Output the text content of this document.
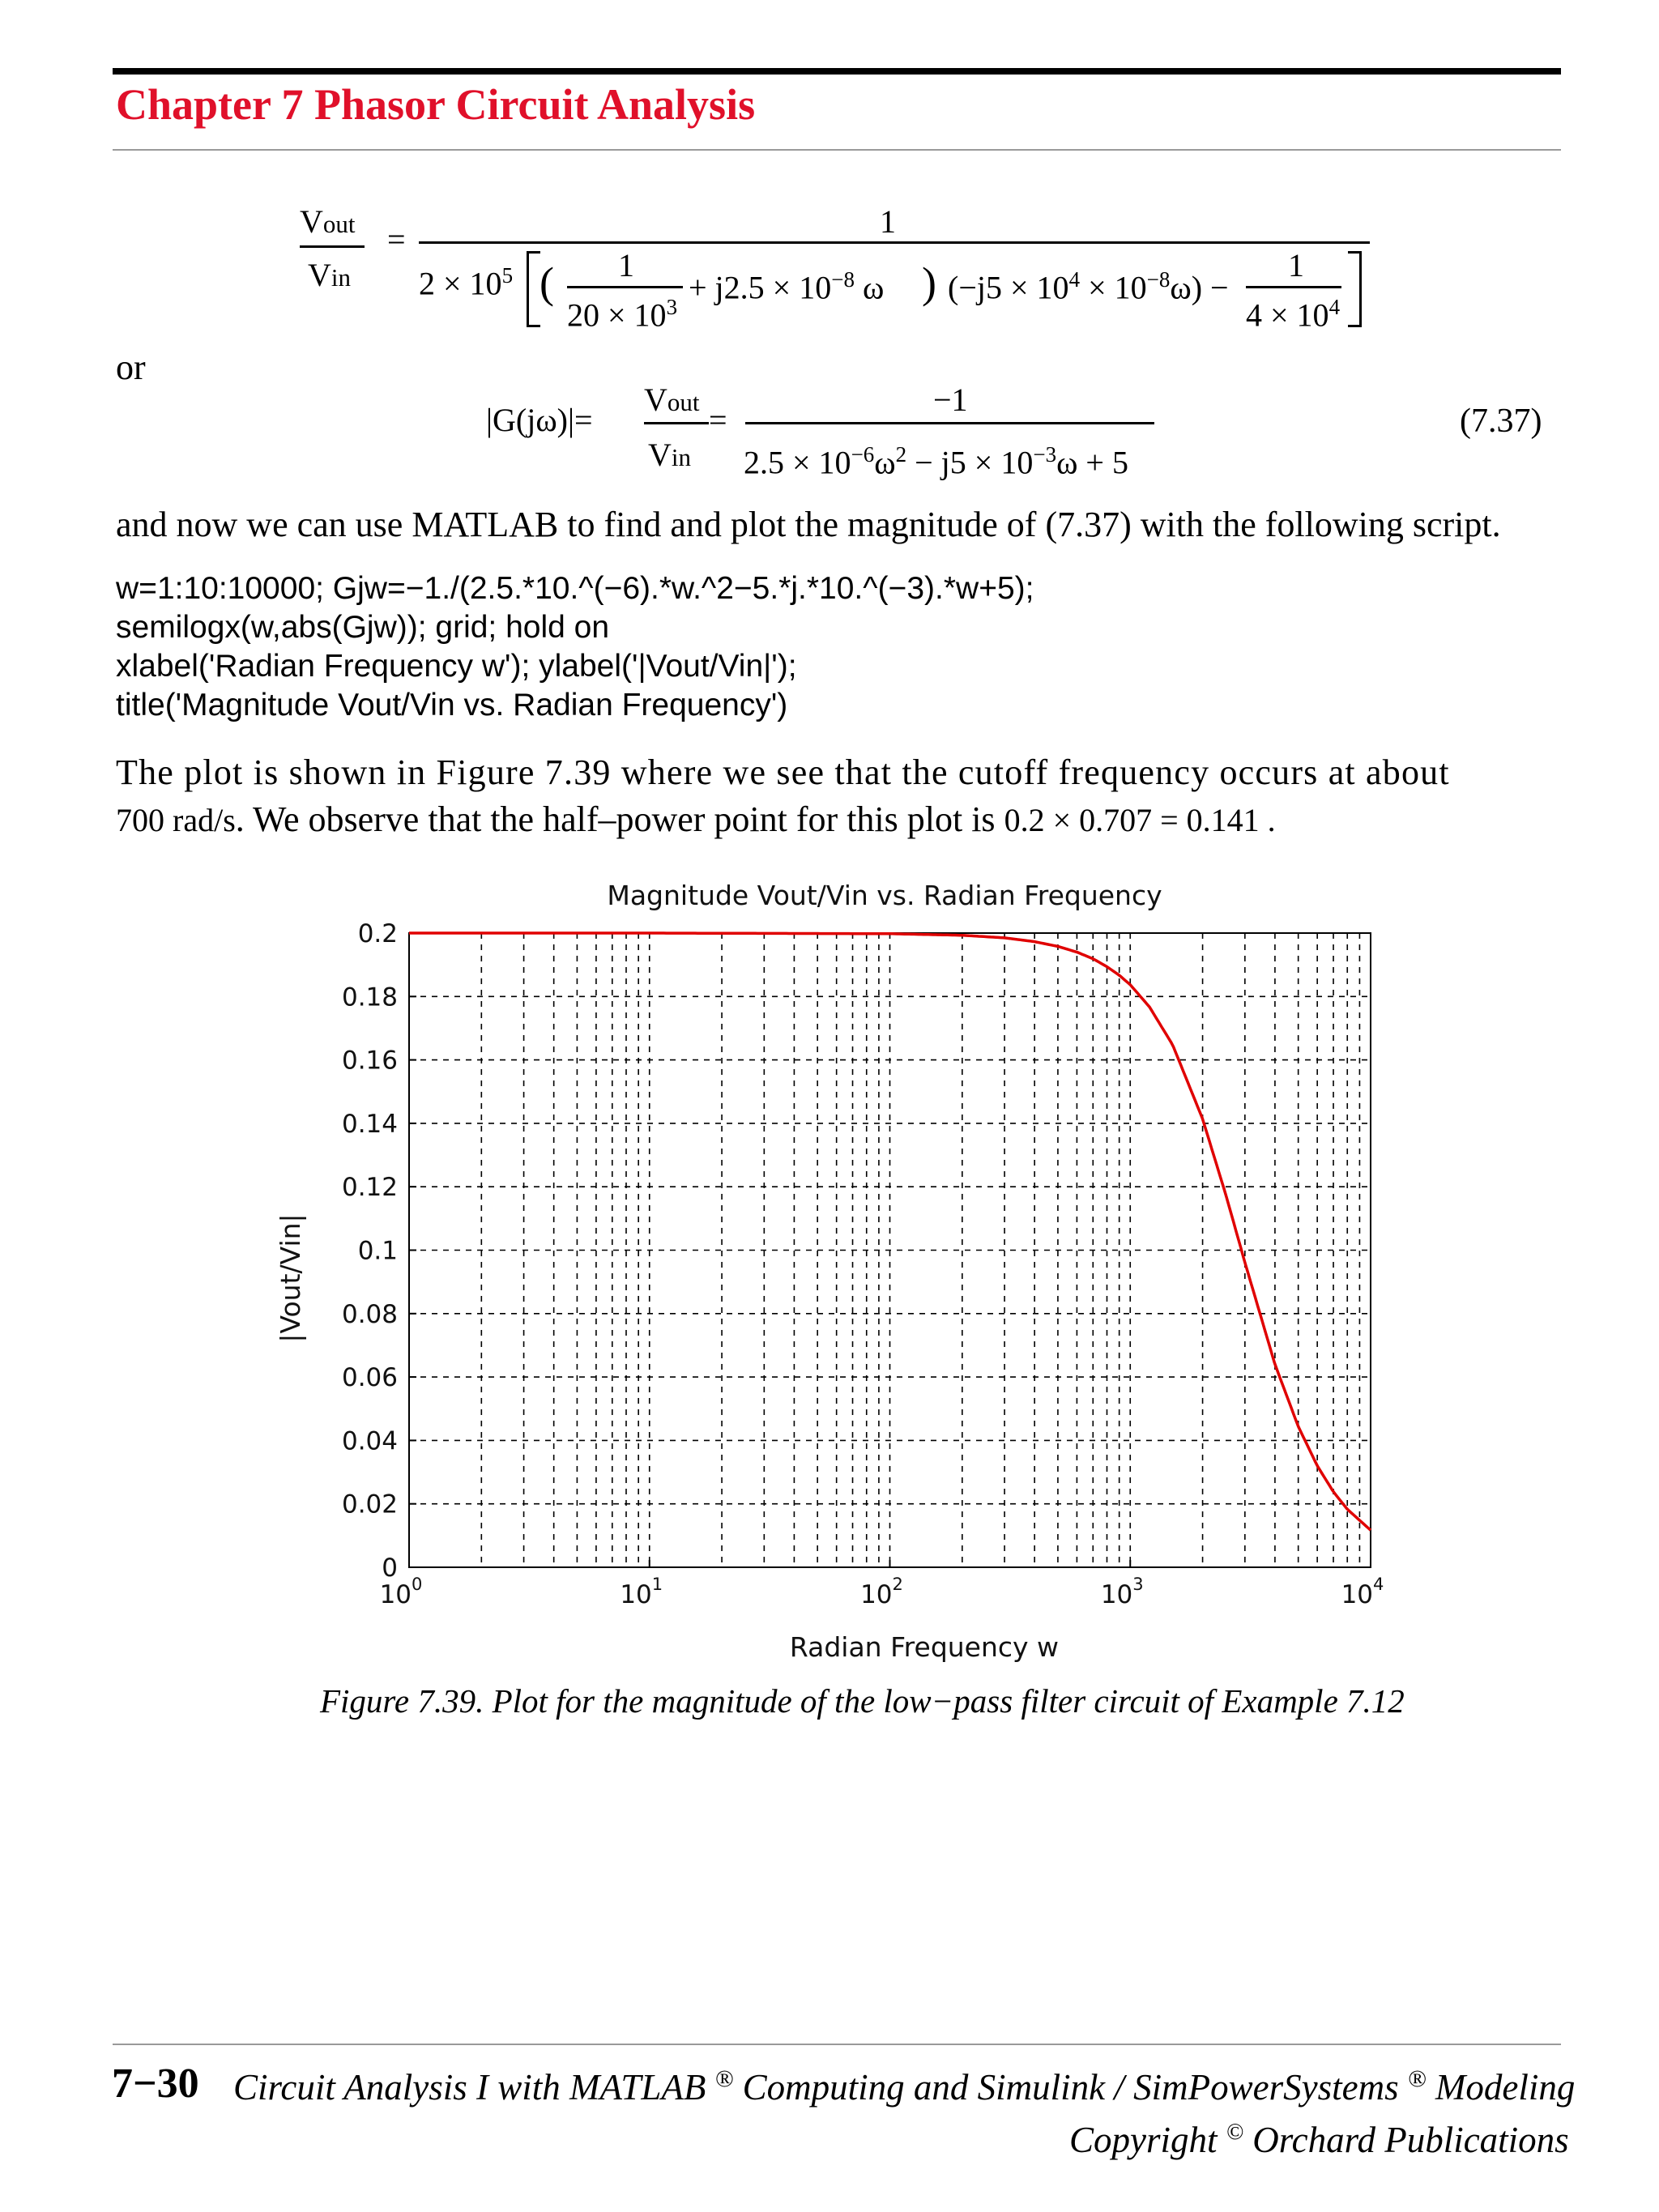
Chapter 7 Phasor Circuit Analysis
Vout
Vin
=	1
$2 \times 10^5$ ( 1
$20 \times 10^3$
+ $j2.5 \times 10^{-8}$ ω ) $(-j5 \times 10^4 \times 10^{-8}\omega)$ −
1
$4 \times 10^4$
or
|G(jω)|=
Vout
Vin
=
−1
$2.5 \times 10^{-6}\omega^2 - j5 \times 10^{-3}\omega + 5$
(7.37)
and now we can use MATLAB to find and plot the magnitude of (7.37) with the following script.
w=1:10:10000; Gjw=−1./(2.5.*10.^(−6).*w.^2−5.*j.*10.^(−3).*w+5);
semilogx(w,abs(Gjw)); grid; hold on
xlabel('Radian Frequency w'); ylabel('|Vout/Vin|');
title('Magnitude Vout/Vin vs. Radian Frequency')
The plot is shown in Figure 7.39 where we see that the cutoff frequency occurs at about
700 rad/s. We observe that the half–power point for this plot is 0.2 × 0.707 = 0.141 .
Magnitude Vout/Vin vs. Radian Frequency
0.2
0.18
0.16
0.14
0.12
0.1
0.08
0.06
0.04
0.02
0
$10^0$	$10^1$	$10^2$	$10^3$	$10^4$
Radian Frequency w
|Vout/Vin|
Figure 7.39. Plot for the magnitude of the low−pass filter circuit of Example 7.12
7−30 Circuit Analysis I with MATLAB ® Computing and Simulink / SimPowerSystems ® Modeling
Copyright © Orchard Publications
